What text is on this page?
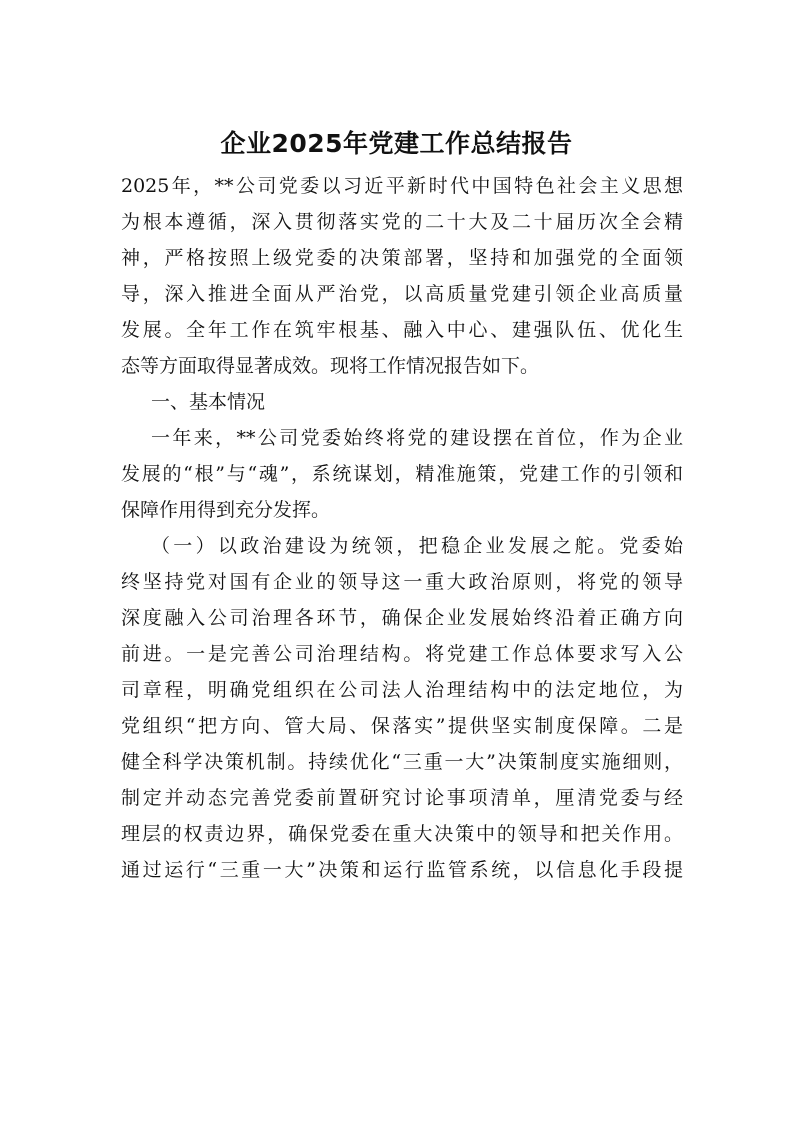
企业2025年党建工作总结报告
2025年，**公司党委以习近平新时代中国特色社会主义思想
为根本遵循，深入贯彻落实党的二十大及二十届历次全会精
神，严格按照上级党委的决策部署，坚持和加强党的全面领
导，深入推进全面从严治党，以高质量党建引领企业高质量
发展。全年工作在筑牢根基、融入中心、建强队伍、优化生
态等方面取得显著成效。现将工作情况报告如下。
一、基本情况
一年来，**公司党委始终将党的建设摆在首位，作为企业
发展的“根”与“魂”，系统谋划，精准施策，党建工作的引领和
保障作用得到充分发挥。
（一）以政治建设为统领，把稳企业发展之舵。党委始
终坚持党对国有企业的领导这一重大政治原则，将党的领导
深度融入公司治理各环节，确保企业发展始终沿着正确方向
前进。一是完善公司治理结构。将党建工作总体要求写入公
司章程，明确党组织在公司法人治理结构中的法定地位，为
党组织“把方向、管大局、保落实”提供坚实制度保障。二是
健全科学决策机制。持续优化“三重一大”决策制度实施细则，
制定并动态完善党委前置研究讨论事项清单，厘清党委与经
理层的权责边界，确保党委在重大决策中的领导和把关作用。
通过运行“三重一大”决策和运行监管系统，以信息化手段提
